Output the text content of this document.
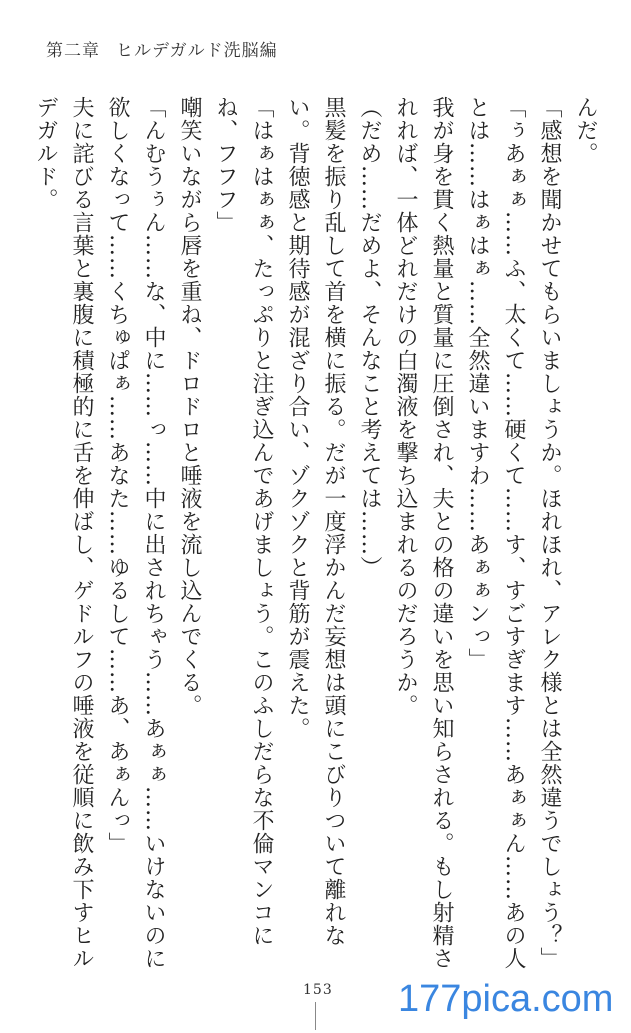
第二章 ヒルデガルド洗脳編

んだ。

「感想を聞かせてもらいましょうか。ほれほれ、アレク様とは全然違うでしょう？」

「ぅあぁぁ……ふ、太くて……硬くて……す、すごすぎます……あぁぁん……あの人とは……はぁはぁ……全然違いますわ……あぁぁンっ」

我が身を貫く熱量と質量に圧倒され、夫との格の違いを思い知らされる。もし射精されれば、一体どれだけの白濁液を撃ち込まれるのだろうか。

（だめ……だめよ、そんなこと考えては……）

黒髪を振り乱して首を横に振る。だが一度浮かんだ妄想は頭にこびりついて離れない。背徳感と期待感が混ざり合い、ゾクゾクと背筋が震えた。

「はぁはぁぁ、たっぷりと注ぎ込んであげましょう。このふしだらな不倫マンコにね、フフフ」

嘲笑いながら唇を重ね、ドロドロと唾液を流し込んでくる。

「んむうぅん……な、中に……っ……中に出されちゃう……あぁぁ……いけないのに欲しくなって……くちゅぱぁ……あなた……ゆるして……あ、あぁんっ」

夫に詫びる言葉と裏腹に積極的に舌を伸ばし、ゲドルフの唾液を従順に飲み下すヒルデガルド。

153 177pica.com
